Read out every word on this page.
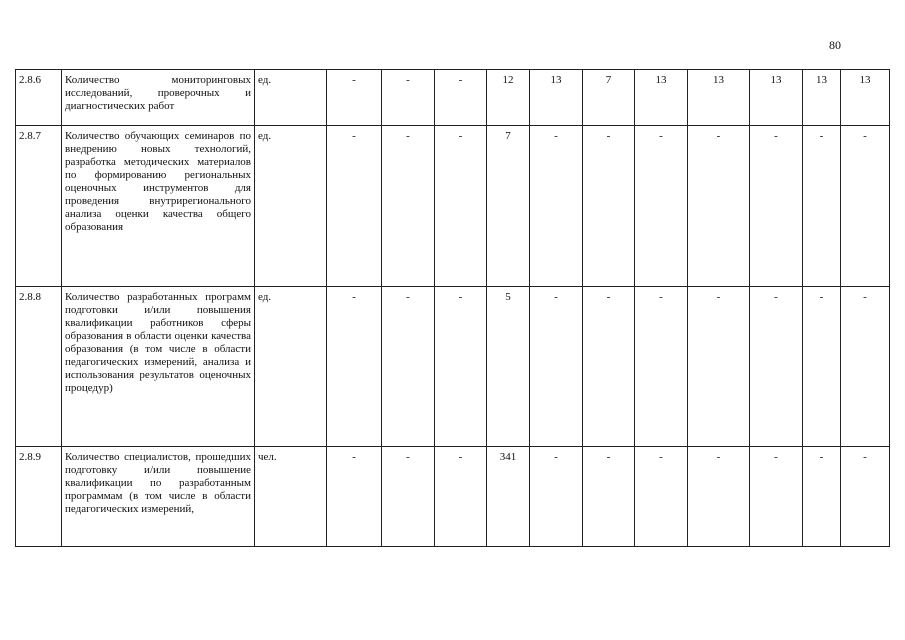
80
2.8.6	Количество мониторинговых исследований, проверочных и диагностических работ	ед.	-	-	-	12	13	7	13	13	13	13	13
2.8.7	Количество обучающих семинаров по внедрению новых технологий, разработка методических материалов по формированию региональных оценочных инструментов для проведения внутрирегионального анализа оценки качества общего образования	ед.	-	-	-	7	-	-	-	-	-	-	-
2.8.8	Количество разработанных программ подготовки и/или повышения квалификации работников сферы образования в области оценки качества образования (в том числе в области педагогических измерений, анализа и использования результатов оценочных процедур)	ед.	-	-	-	5	-	-	-	-	-	-	-
2.8.9	Количество специалистов, прошедших подготовку и/или повышение квалификации по разработанным программам (в том числе в области педагогических измерений,	чел.	-	-	-	341	-	-	-	-	-	-	-
